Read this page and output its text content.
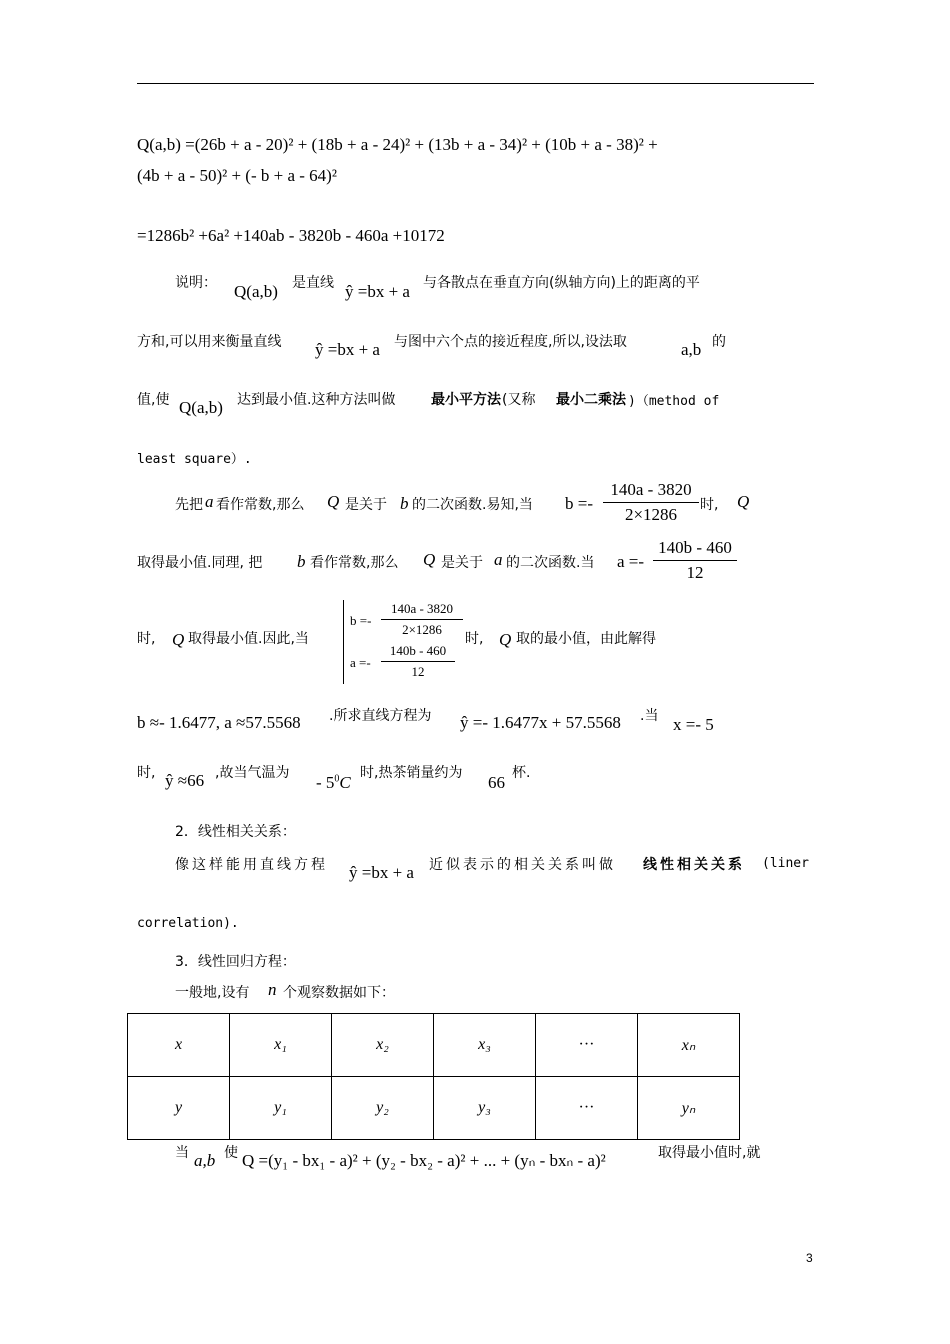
Q(a,b) =(26b + a - 20)² + (18b + a - 24)² + (13b + a - 34)² + (10b + a - 38)² +
(4b + a - 50)² + (- b + a - 64)²
=1286b² +6a² +140ab - 3820b - 460a +10172
说明： Q(a,b) 是直线 ŷ =bx + a 与各散点在垂直方向(纵轴方向)上的距离的平
方和,可以用来衡量直线 ŷ =bx + a 与图中六个点的接近程度,所以,设法取	a,b 的
值,使 Q(a,b) 达到最小值.这种方法叫做	最小平方法 (又称 最小二乘法 )（method of
least square）.
先把 a 看作常数,那么 Q 是关于 b 的二次函数.易知,当 b =-
140a - 3820
2×1286	时, Q
取得最小值.同理, 把 b 看作常数,那么 Q 是关于 a 的二次函数.当 a =-
140b - 460
12
时, Q 取得最小值.因此,当
b =-
140a - 3820
2×1286
a =-
140b - 460
12
时, Q 取的最小值，由此解得
b ≈- 1.6477, a ≈57.5568 .所求直线方程为 ŷ =- 1.6477x + 57.5568 .当 x =- 5
时, ŷ ≈66 ,故当气温为 - $5^0C$ 时,热茶销量约为 66 杯.
2．线性相关关系：
像这样能用直线方程 ŷ =bx + a 近似表示的相关关系叫做 线性相关关系 (liner
correlation).
3．线性回归方程：
一般地,设有 n 个观察数据如下：
x	x₁	x₂	x₃	···	xₙ
y	y₁	y₂	y₃	···	yₙ
当 a,b 使 Q =(y₁ - bx₁ - a)² + (y₂ - bx₂ - a)² + ... + (yₙ - bxₙ - a)²	取得最小值时,就
3
